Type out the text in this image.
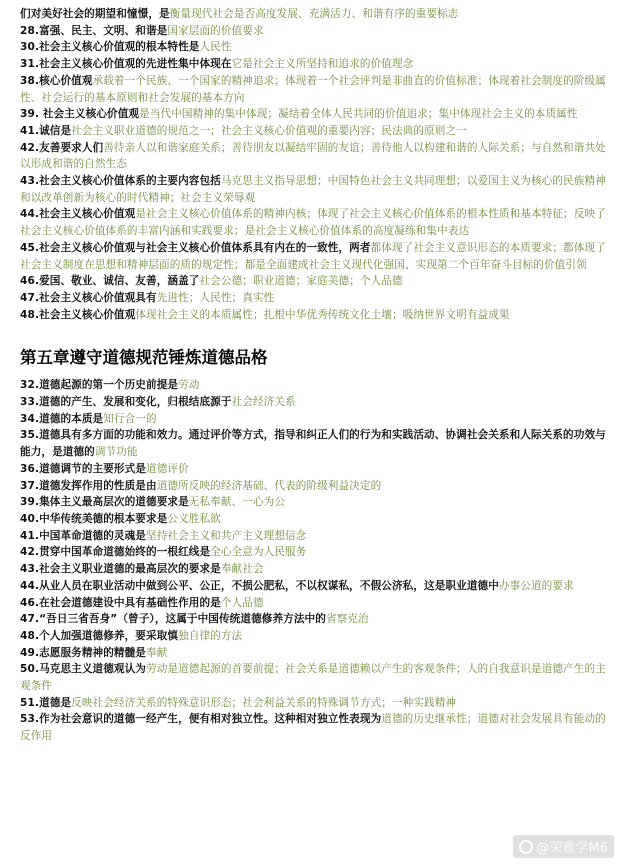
们对美好社会的期望和憧憬，是衡量现代社会是否高度发展、充满活力、和谐有序的重要标志

28.富强、民主、文明、和谐是国家层面的价值要求

30.社会主义核心价值观的根本特性是人民性

31.社会主义核心价值观的先进性集中体现在它是社会主义所坚持和追求的价值理念

38.核心价值观承载着一个民族、一个国家的精神追求；体现着一个社会评判是非曲直的价值标准；体现着社会制度的阶级属性、社会运行的基本原则和社会发展的基本方向

39. 社会主义核心价值观是当代中国精神的集中体现；凝结着全体人民共同的价值追求；集中体现社会主义的本质属性

41.诚信是社会主义职业道德的规范之一；社会主义核心价值观的重要内容；民法典的原则之一

42.友善要求人们善待亲人以和谐家庭关系；善待朋友以凝结牢固的友谊；善待他人以构建和谐的人际关系；与自然和谐共处以形成和谐的自然生态

43.社会主义核心价值体系的主要内容包括马克思主义指导思想；中国特色社会主义共同理想；以爱国主义为核心的民族精神和以改革创新为核心的时代精神；社会主义荣辱观

44.社会主义核心价值观是社会主义核心价值体系的精神内核；体现了社会主义核心价值体系的根本性质和基本特征；反映了社会主义核心价值体系的丰富内涵和实践要求；是社会主义核心价值体系的高度凝练和集中表达

45.社会主义核心价值观与社会主义核心价值体系具有内在的一致性，两者都体现了社会主义意识形态的本质要求；都体现了社会主义制度在思想和精神层面的质的规定性；都是全面建成社会主义现代化强国、实现第二个百年奋斗目标的价值引领

46.爱国、敬业、诚信、友善，涵盖了社会公德；职业道德；家庭美德；个人品德

47.社会主义核心价值观具有先进性；人民性；真实性

48.社会主义核心价值观体现社会主义的本质属性；扎根中华优秀传统文化土壤；吸纳世界文明有益成果

第五章遵守道德规范锤炼道德品格

32.道德起源的第一个历史前提是劳动

33.道德的产生、发展和变化，归根结底源于社会经济关系

34.道德的本质是知行合一的

35.道德具有多方面的功能和效力。通过评价等方式，指导和纠正人们的行为和实践活动、协调社会关系和人际关系的功效与能力，是道德的调节功能

36.道德调节的主要形式是道德评价

37.道德发挥作用的性质是由道德所反映的经济基础、代表的阶级利益决定的

39.集体主义最高层次的道德要求是无私奉献、一心为公

40.中华传统美德的根本要求是公义胜私欲

41.中国革命道德的灵魂是坚持社会主义和共产主义理想信念

42.贯穿中国革命道德始终的一根红线是全心全意为人民服务

43.社会主义职业道德的最高层次的要求是奉献社会

44.从业人员在职业活动中做到公平、公正，不损公肥私，不以权谋私，不假公济私，这是职业道德中办事公道的要求

46.在社会道德建设中具有基础性作用的是个人品德

47.“吾日三省吾身”（曾子），这属于中国传统道德修养方法中的省察克治

48.个人加强道德修养，要采取慎独自律的方法

49.志愿服务精神的精髓是奉献

50.马克思主义道德观认为劳动是道德起源的首要前提；社会关系是道德赖以产生的客观条件；人的自我意识是道德产生的主观条件

51.道德是反映社会经济关系的特殊意识形态；社会利益关系的特殊调节方式；一种实践精神

53.作为社会意识的道德一经产生，便有相对独立性。这种相对独立性表现为道德的历史继承性；道德对社会发展具有能动的反作用

@荣雅学M6
